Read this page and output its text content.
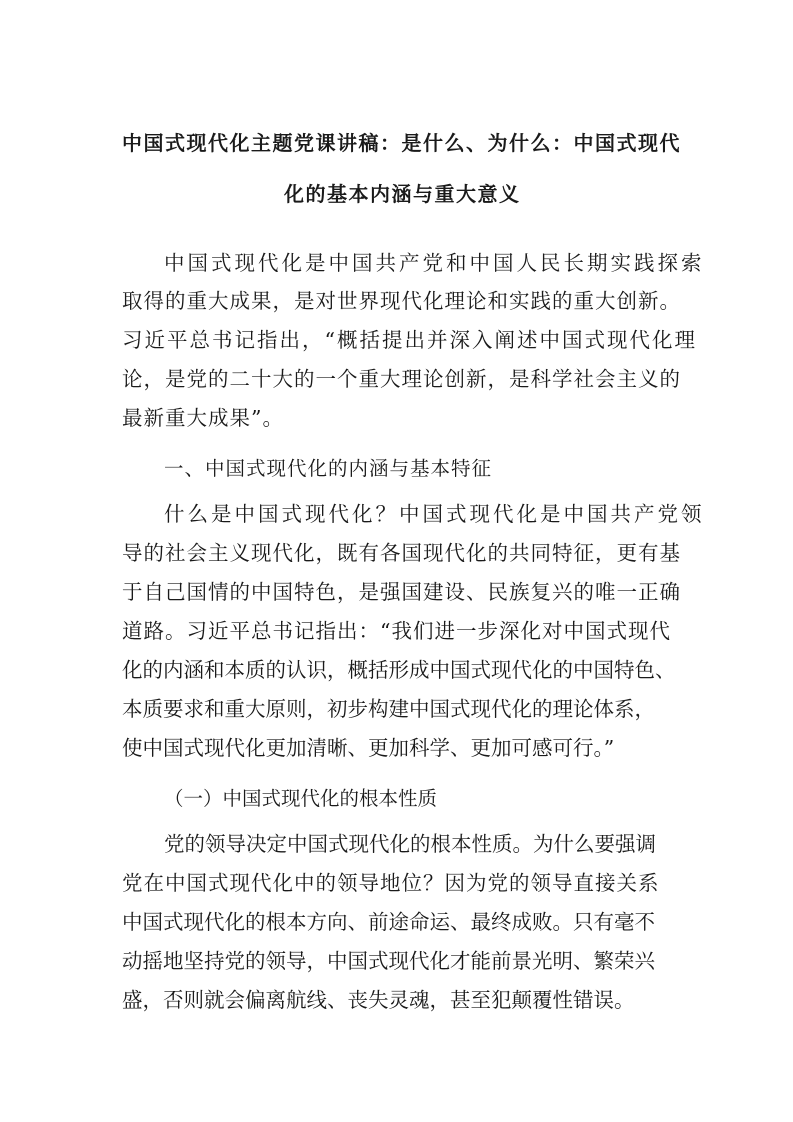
中国式现代化主题党课讲稿：是什么、为什么：中国式现代
化的基本内涵与重大意义
中国式现代化是中国共产党和中国人民长期实践探索
取得的重大成果，是对世界现代化理论和实践的重大创新。
习近平总书记指出，“概括提出并深入阐述中国式现代化理
论，是党的二十大的一个重大理论创新，是科学社会主义的
最新重大成果”。
一、中国式现代化的内涵与基本特征
什么是中国式现代化？中国式现代化是中国共产党领
导的社会主义现代化，既有各国现代化的共同特征，更有基
于自己国情的中国特色，是强国建设、民族复兴的唯一正确
道路。习近平总书记指出：“我们进一步深化对中国式现代
化的内涵和本质的认识，概括形成中国式现代化的中国特色、
本质要求和重大原则，初步构建中国式现代化的理论体系，
使中国式现代化更加清晰、更加科学、更加可感可行。”
（一）中国式现代化的根本性质
党的领导决定中国式现代化的根本性质。为什么要强调
党在中国式现代化中的领导地位？因为党的领导直接关系
中国式现代化的根本方向、前途命运、最终成败。只有毫不
动摇地坚持党的领导，中国式现代化才能前景光明、繁荣兴
盛，否则就会偏离航线、丧失灵魂，甚至犯颠覆性错误。
